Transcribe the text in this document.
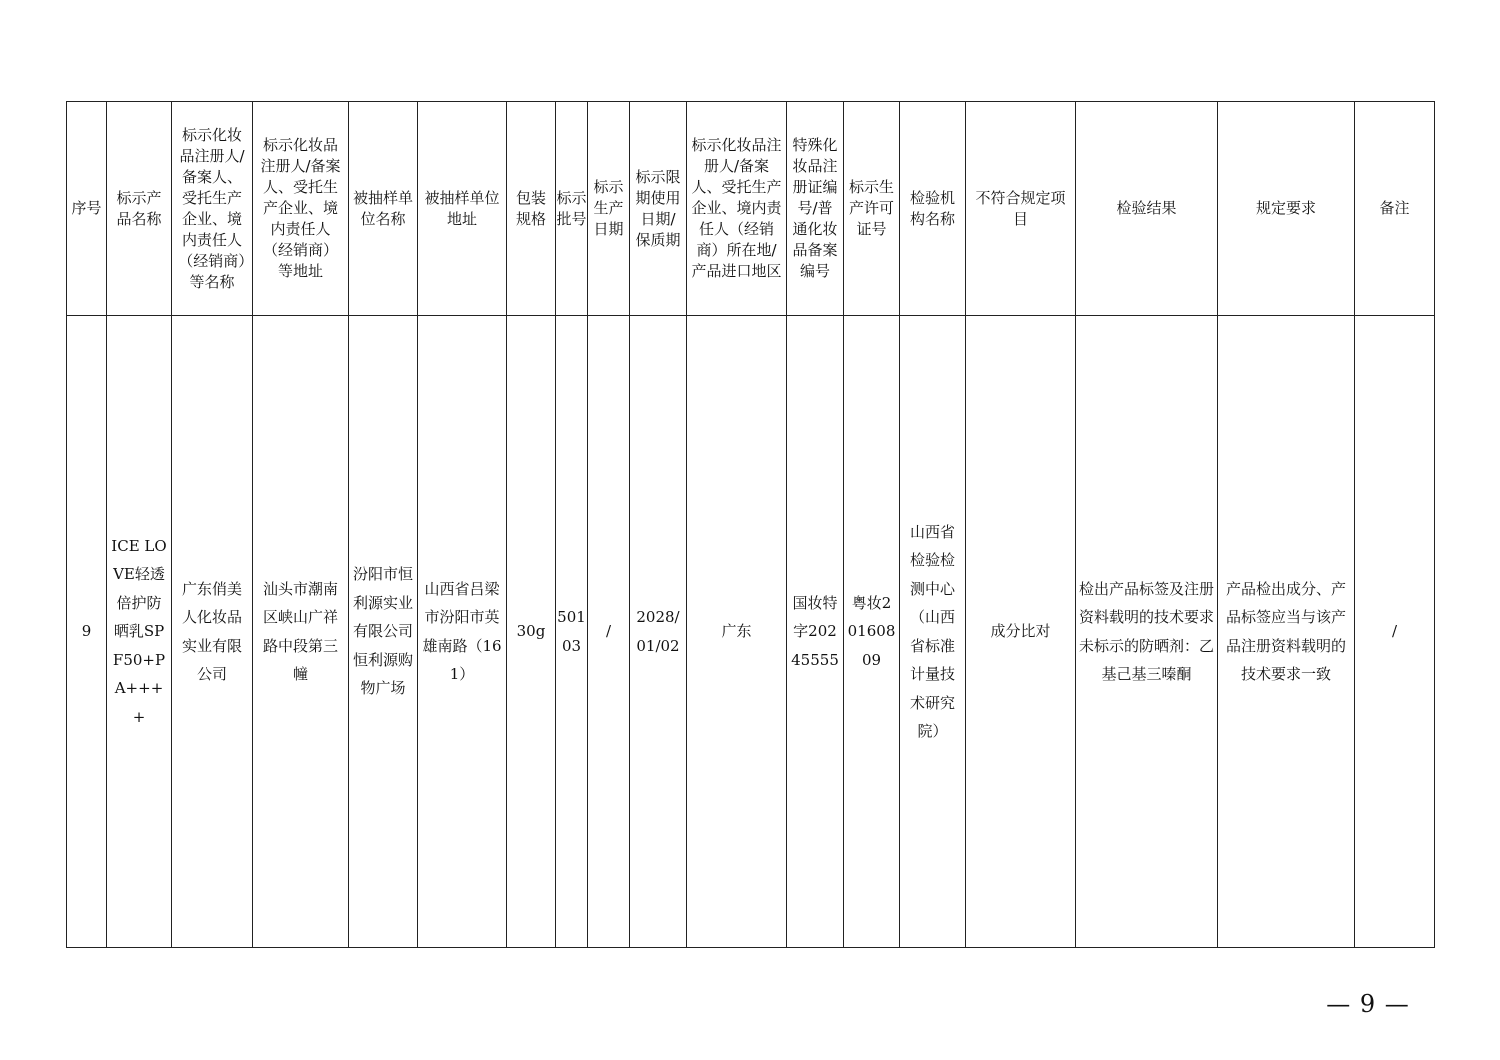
序号	标示产品名称	标示化妆品注册人/备案人、受托生产企业、境内责任人（经销商）等名称	标示化妆品注册人/备案人、受托生产企业、境内责任人（经销商）等地址	被抽样单位名称	被抽样单位地址	包装规格	标示批号	标示生产日期	标示限期使用日期/保质期	标示化妆品注册人/备案人、受托生产企业、境内责任人（经销商）所在地/产品进口地区	特殊化妆品注册证编号/普通化妆品备案编号	标示生产许可证号	检验机构名称	不符合规定项目	检验结果	规定要求	备注
9	ICE LOVE轻透倍护防晒乳SPF50+PA++++	广东俏美人化妆品实业有限公司	汕头市潮南区峡山广祥路中段第三幢	汾阳市恒利源实业有限公司恒利源购物广场	山西省吕梁市汾阳市英雄南路（161）	30g	50103	/	2028/01/02	广东	国妆特字20245555	粤妆20160809	山西省检验检测中心（山西省标准计量技术研究院）	成分比对	检出产品标签及注册资料载明的技术要求未标示的防晒剂：乙基己基三嗪酮	产品检出成分、产品标签应当与该产品注册资料载明的技术要求一致	/
— 9 —
